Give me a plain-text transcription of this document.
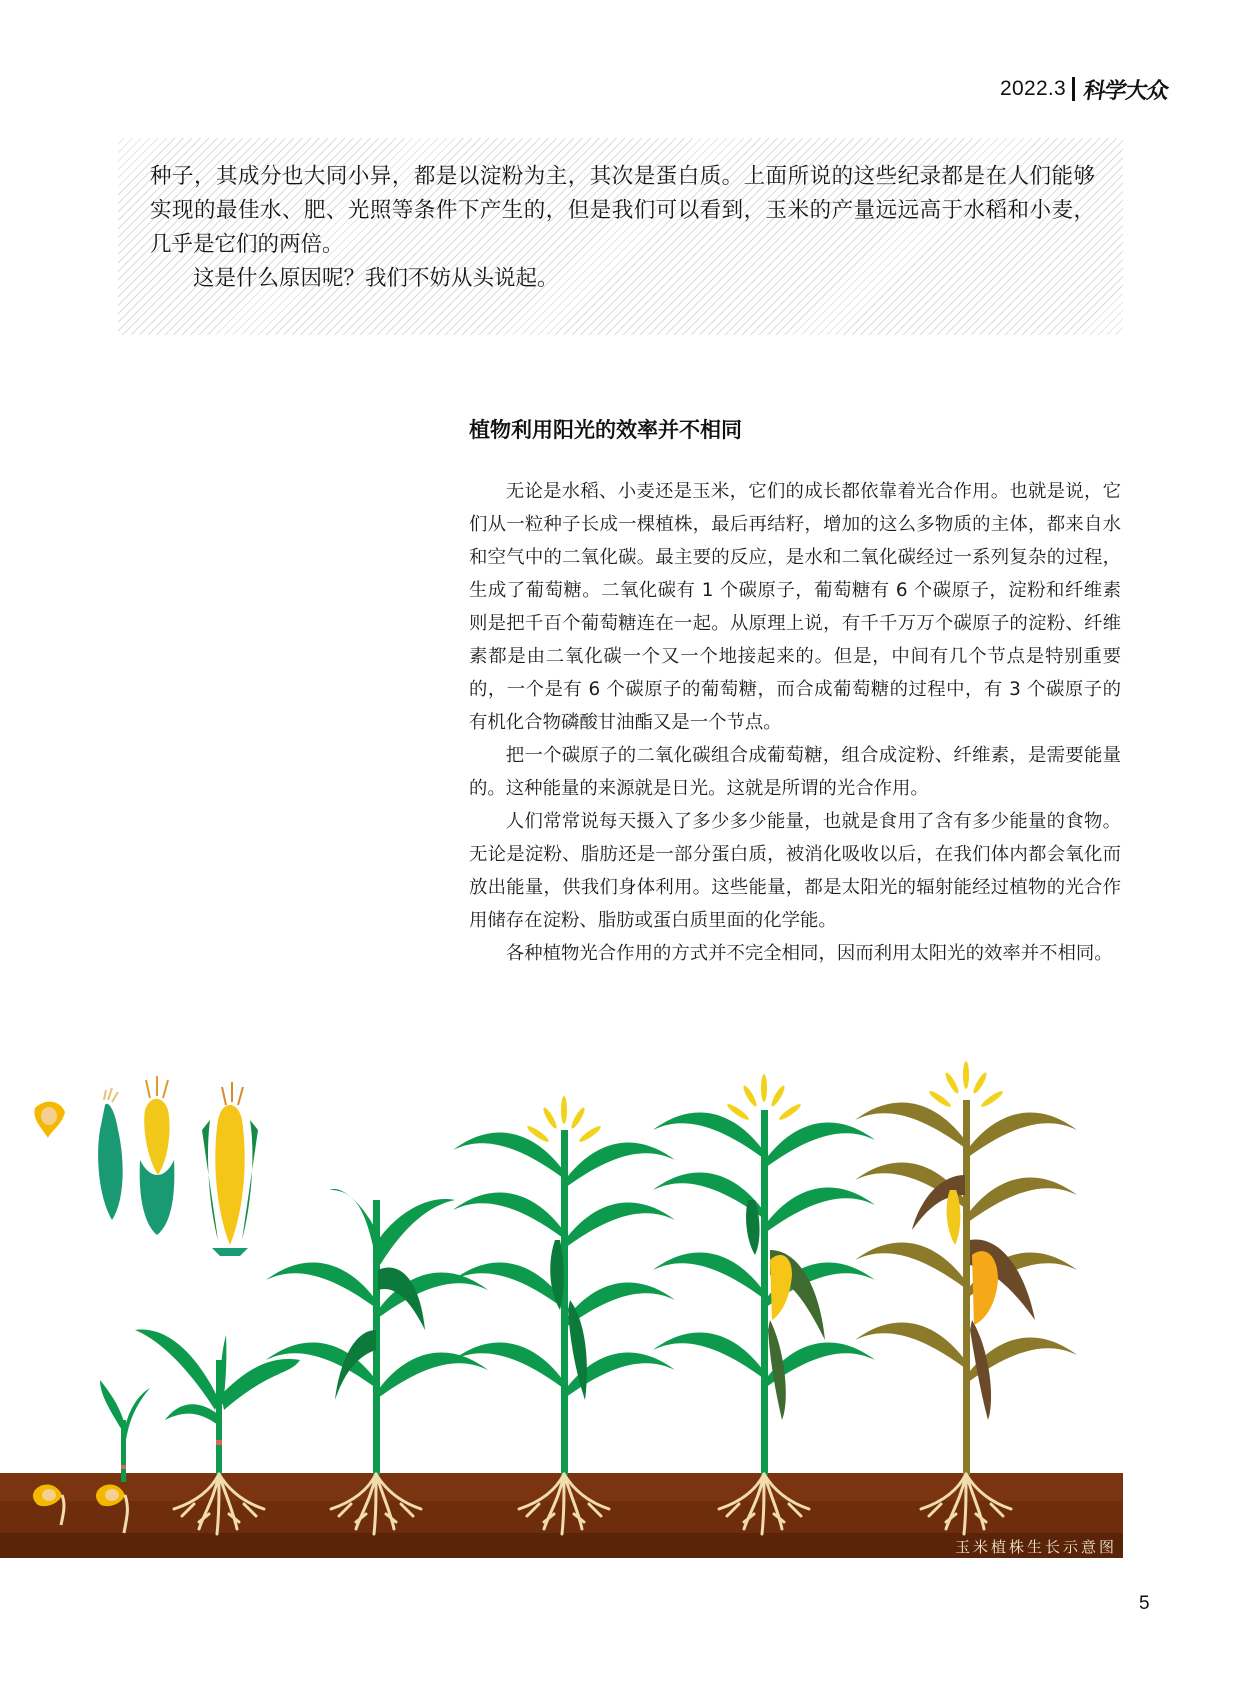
2022.3 科学大众

种子，其成分也大同小异，都是以淀粉为主，其次是蛋白质。上面所说的这些纪录都是在人们能够实现的最佳水、肥、光照等条件下产生的，但是我们可以看到，玉米的产量远远高于水稻和小麦，几乎是它们的两倍。

这是什么原因呢？我们不妨从头说起。

植物利用阳光的效率并不相同

无论是水稻、小麦还是玉米，它们的成长都依靠着光合作用。也就是说，它们从一粒种子长成一棵植株，最后再结籽，增加的这么多物质的主体，都来自水和空气中的二氧化碳。最主要的反应，是水和二氧化碳经过一系列复杂的过程，生成了葡萄糖。二氧化碳有 1 个碳原子，葡萄糖有 6 个碳原子，淀粉和纤维素则是把千百个葡萄糖连在一起。从原理上说，有千千万万个碳原子的淀粉、纤维素都是由二氧化碳一个又一个地接起来的。但是，中间有几个节点是特别重要的，一个是有 6 个碳原子的葡萄糖，而合成葡萄糖的过程中，有 3 个碳原子的有机化合物磷酸甘油酯又是一个节点。

把一个碳原子的二氧化碳组合成葡萄糖，组合成淀粉、纤维素，是需要能量的。这种能量的来源就是日光。这就是所谓的光合作用。

人们常常说每天摄入了多少多少能量，也就是食用了含有多少能量的食物。无论是淀粉、脂肪还是一部分蛋白质，被消化吸收以后，在我们体内都会氧化而放出能量，供我们身体利用。这些能量，都是太阳光的辐射能经过植物的光合作用储存在淀粉、脂肪或蛋白质里面的化学能。

各种植物光合作用的方式并不完全相同，因而利用太阳光的效率并不相同。

玉米植株生长示意图
5
